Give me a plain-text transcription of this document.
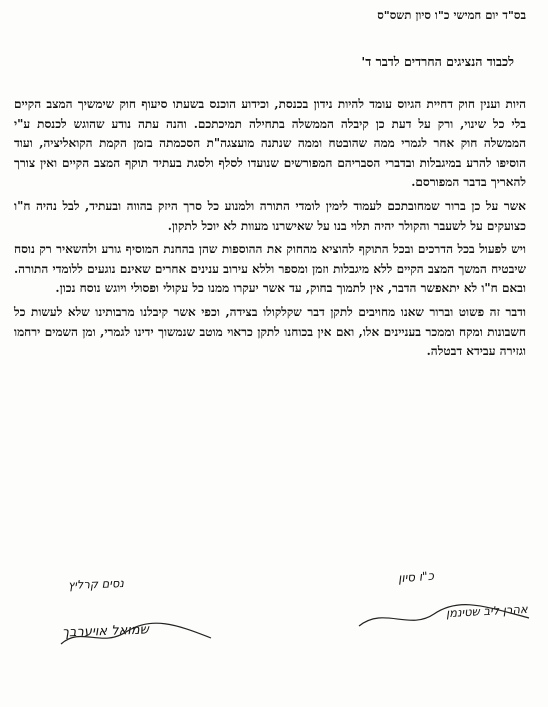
בס"ד יום חמישי כ"ו סיון תשס"ס
לכבוד הנציגים החרדים לדבר ד'

היות וענין חוק דחיית הגיוס עומד להיות נידון בכנסת, וכידוע הוכנס בשעתו סיעוף חוק שימשיך המצב הקיים בלי כל שינוי, ורק על דעת כן קיבלה הממשלה בתחילה תמיכתכם. והנה עתה נודע שהוגש לכנסת ע"י הממשלה חוק אחר לגמרי ממה שהובטח וממה שנתנה מועצגה"ת הסכמתה בזמן הקמת הקואליציה, ועוד הוסיפו להרע במיגבלות ובדברי הסבריהם המפורשים שנועדו לסלף ולסגת בעתיד תוקף המצב הקיים ואין צורך להאריך בדבר המפורסם.

אשר על כן ברור שמחובתכם לעמוד לימין לומדי התורה ולמנוע כל סרך היזק בהווה ובעתיד, לבל נהיה ח"ו כצועקים על לשעבר והקולר יהיה תלוי בנו על שאישרנו מעוות לא יוכל לתקון.

ויש לפעול בכל הדרכים ובכל התוקף להוציא מהחוק את ההוספות שהן בהחנת המוסיף גורע ולהשאיר רק נוסח שיבטיח המשך המצב הקיים ללא מיגבלות וזמן ומספר וללא עירוב ענינים אחרים שאינם נוגעים ללומדי התורה. ובאם ח"ו לא יתאפשר הדבר, אין לתמוך בחוק, עד אשר יעקרו ממנו כל עקולי ופסולי ויוגש נוסח נכון.

ודבר זה פשוט וברור שאנו מחויבים לתקן דבר שקלקולו בצידה, וכפי אשר קיבלנו מרבותינו שלא לעשות כל חשבונות ומקח וממכר בעניינים אלו, ואם אין בכוחנו לתקן כראוי מוטב שנמשוך ידינו לגמרי, ומן השמים ירחמו וגזירה עבידא דבטלה.

כ"ו סיון
אהרן ליב שטינמן
נסים קרליץ
שמואל אויערבך
